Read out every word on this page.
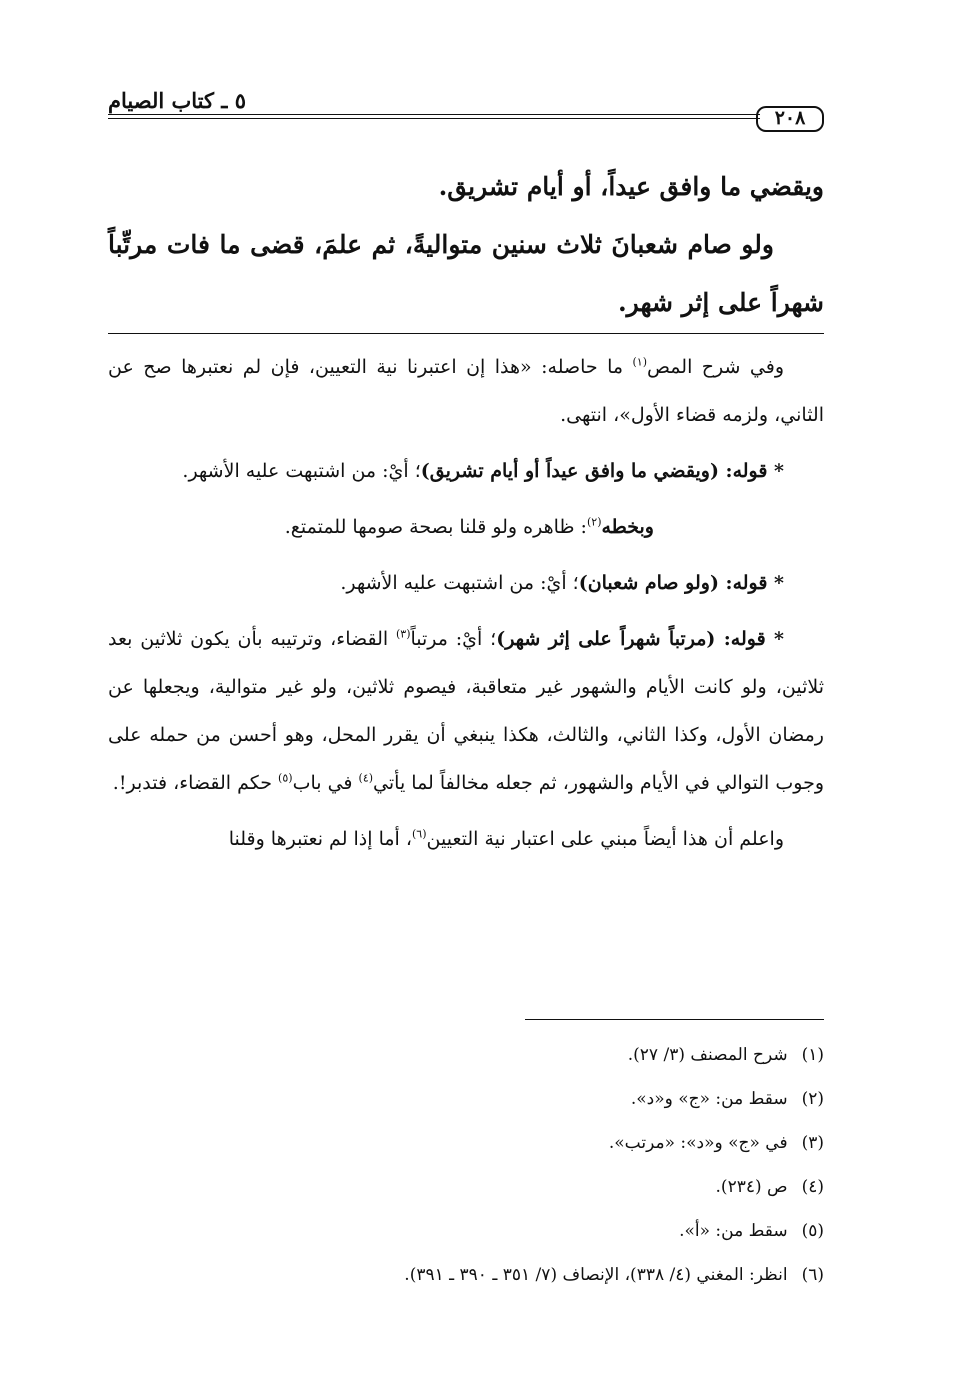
٢٠٨
٥ ـ كتاب الصيام

ويقضي ما وافق عيداً، أو أيام تشريق.

ولو صام شعبانَ ثلاث سنين متواليةً، ثم علمَ، قضى ما فات مرتِّباً شهراً على إثر شهر.

وفي شرح المص$^{(١)}$ ما حاصله: «هذا إن اعتبرنا نية التعيين، فإن لم نعتبرها صح عن الثاني، ولزمه قضاء الأول»، انتهى.

* قوله: (ويقضي ما وافق عيداً أو أيام تشريق)؛ أيْ: من اشتبهت عليه الأشهر.

وبخطه$^{(٢)}$: ظاهره ولو قلنا بصحة صومها للمتمتع.

* قوله: (ولو صام شعبان)؛ أيْ: من اشتبهت عليه الأشهر.

* قوله: (مرتباً شهراً على إثر شهر)؛ أيْ: مرتباً$^{(٣)}$ القضاء، وترتيبه بأن يكون ثلاثين بعد ثلاثين، ولو كانت الأيام والشهور غير متعاقبة، فيصوم ثلاثين، ولو غير متوالية، ويجعلها عن رمضان الأول، وكذا الثاني، والثالث، هكذا ينبغي أن يقرر المحل، وهو أحسن من حمله على وجوب التوالي في الأيام والشهور، ثم جعله مخالفاً لما يأتي$^{(٤)}$ في باب$^{(٥)}$ حكم القضاء، فتدبر!.

واعلم أن هذا أيضاً مبني على اعتبار نية التعيين$^{(٦)}$، أما إذا لم نعتبرها وقلنا

(١)شرح المصنف (٣/ ٢٧).
(٢)سقط من: «ج» و«د».
(٣)في «ج» و«د»: «مرتب».
(٤)ص (٢٣٤).
(٥)سقط من: «أ».
(٦)انظر: المغني (٤/ ٣٣٨)، الإنصاف (٧/ ٣٥١ ـ ٣٩٠ ـ ٣٩١).
